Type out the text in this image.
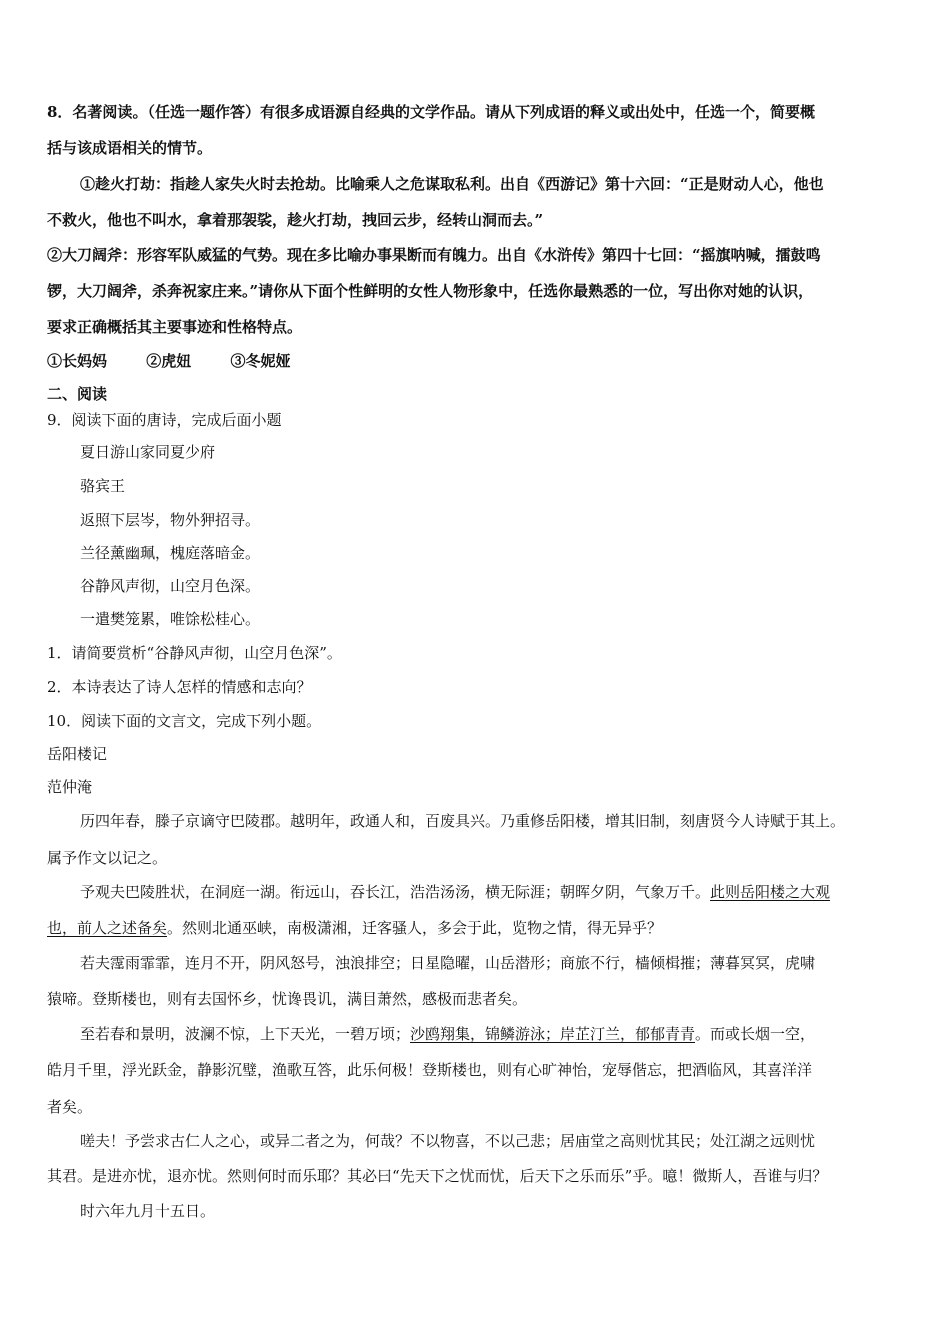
8．名著阅读。（任选一题作答）有很多成语源自经典的文学作品。请从下列成语的释义或出处中，任选一个，简要概
括与该成语相关的情节。
①趁火打劫：指趁人家失火时去抢劫。比喻乘人之危谋取私利。出自《西游记》第十六回：“正是财动人心，他也
不救火，他也不叫水，拿着那袈裟，趁火打劫，拽回云步，经转山洞而去。”
②大刀阔斧：形容军队威猛的气势。现在多比喻办事果断而有魄力。出自《水浒传》第四十七回：“摇旗呐喊，擂鼓鸣
锣，大刀阔斧，杀奔祝家庄来。”请你从下面个性鲜明的女性人物形象中，任选你最熟悉的一位，写出你对她的认识，
要求正确概括其主要事迹和性格特点。
①长妈妈	②虎妞	③冬妮娅
二、阅读
9．阅读下面的唐诗，完成后面小题
夏日游山家同夏少府
骆宾王
返照下层岑，物外狎招寻。
兰径薰幽珮，槐庭落暗金。
谷静风声彻，山空月色深。
一遣樊笼累，唯馀松桂心。
1．请简要赏析“谷静风声彻，山空月色深”。
2．本诗表达了诗人怎样的情感和志向？
10．阅读下面的文言文，完成下列小题。
岳阳楼记
范仲淹
历四年春，滕子京谪守巴陵郡。越明年，政通人和，百废具兴。乃重修岳阳楼，增其旧制，刻唐贤今人诗赋于其上。
属予作文以记之。
予观夫巴陵胜状，在洞庭一湖。衔远山，吞长江，浩浩汤汤，横无际涯；朝晖夕阴，气象万千。此则岳阳楼之大观
也，前人之述备矣。然则北通巫峡，南极潇湘，迁客骚人，多会于此，览物之情，得无异乎？
若夫霪雨霏霏，连月不开，阴风怒号，浊浪排空；日星隐曜，山岳潜形；商旅不行，樯倾楫摧；薄暮冥冥，虎啸
猿啼。登斯楼也，则有去国怀乡，忧谗畏讥，满目萧然，感极而悲者矣。
至若春和景明，波澜不惊，上下天光，一碧万顷；沙鸥翔集，锦鳞游泳；岸芷汀兰，郁郁青青。而或长烟一空，
皓月千里，浮光跃金，静影沉璧，渔歌互答，此乐何极！登斯楼也，则有心旷神怡，宠辱偕忘，把酒临风，其喜洋洋
者矣。
嗟夫！予尝求古仁人之心，或异二者之为，何哉？不以物喜，不以己悲；居庙堂之高则忧其民；处江湖之远则忧
其君。是进亦忧，退亦忧。然则何时而乐耶？其必曰“先天下之忧而忧，后天下之乐而乐”乎。噫！微斯人，吾谁与归？
时六年九月十五日。
